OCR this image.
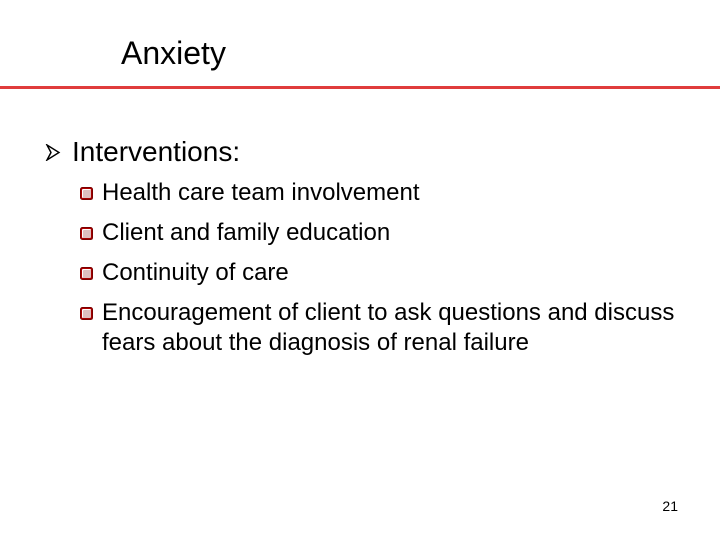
Anxiety
Interventions:
Health care team involvement
Client and family education
Continuity of care
Encouragement of client to ask questions and discuss fears about the diagnosis of renal failure
21
